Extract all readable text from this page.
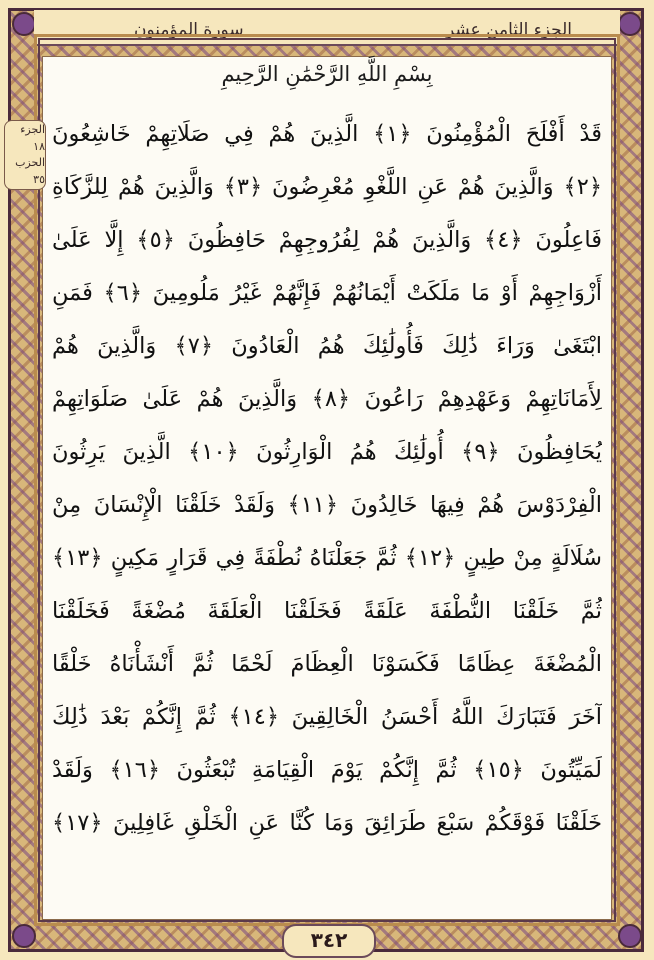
الجزء الثامن عشر
سورة المؤمنون
بِسْمِ اللَّهِ الرَّحْمَٰنِ الرَّحِيمِ
قَدْ أَفْلَحَ الْمُؤْمِنُونَ ﴿١﴾ الَّذِينَ هُمْ فِي صَلَاتِهِمْ خَاشِعُونَ
﴿٢﴾ وَالَّذِينَ هُمْ عَنِ اللَّغْوِ مُعْرِضُونَ ﴿٣﴾ وَالَّذِينَ هُمْ لِلزَّكَاةِ
فَاعِلُونَ ﴿٤﴾ وَالَّذِينَ هُمْ لِفُرُوجِهِمْ حَافِظُونَ ﴿٥﴾ إِلَّا عَلَىٰ
أَزْوَاجِهِمْ أَوْ مَا مَلَكَتْ أَيْمَانُهُمْ فَإِنَّهُمْ غَيْرُ مَلُومِينَ ﴿٦﴾ فَمَنِ
ابْتَغَىٰ وَرَاءَ ذَٰلِكَ فَأُولَٰئِكَ هُمُ الْعَادُونَ ﴿٧﴾ وَالَّذِينَ هُمْ
لِأَمَانَاتِهِمْ وَعَهْدِهِمْ رَاعُونَ ﴿٨﴾ وَالَّذِينَ هُمْ عَلَىٰ صَلَوَاتِهِمْ
يُحَافِظُونَ ﴿٩﴾ أُولَٰئِكَ هُمُ الْوَارِثُونَ ﴿١٠﴾ الَّذِينَ يَرِثُونَ
الْفِرْدَوْسَ هُمْ فِيهَا خَالِدُونَ ﴿١١﴾ وَلَقَدْ خَلَقْنَا الْإِنْسَانَ مِنْ
سُلَالَةٍ مِنْ طِينٍ ﴿١٢﴾ ثُمَّ جَعَلْنَاهُ نُطْفَةً فِي قَرَارٍ مَكِينٍ ﴿١٣﴾
ثُمَّ خَلَقْنَا النُّطْفَةَ عَلَقَةً فَخَلَقْنَا الْعَلَقَةَ مُضْغَةً فَخَلَقْنَا
الْمُضْغَةَ عِظَامًا فَكَسَوْنَا الْعِظَامَ لَحْمًا ثُمَّ أَنْشَأْنَاهُ خَلْقًا
آخَرَ فَتَبَارَكَ اللَّهُ أَحْسَنُ الْخَالِقِينَ ﴿١٤﴾ ثُمَّ إِنَّكُمْ بَعْدَ ذَٰلِكَ
لَمَيِّتُونَ ﴿١٥﴾ ثُمَّ إِنَّكُمْ يَوْمَ الْقِيَامَةِ تُبْعَثُونَ ﴿١٦﴾ وَلَقَدْ
خَلَقْنَا فَوْقَكُمْ سَبْعَ طَرَائِقَ وَمَا كُنَّا عَنِ الْخَلْقِ غَافِلِينَ ﴿١٧﴾
الجزء ١٨
الحزب ٣٥
٣٤٢
